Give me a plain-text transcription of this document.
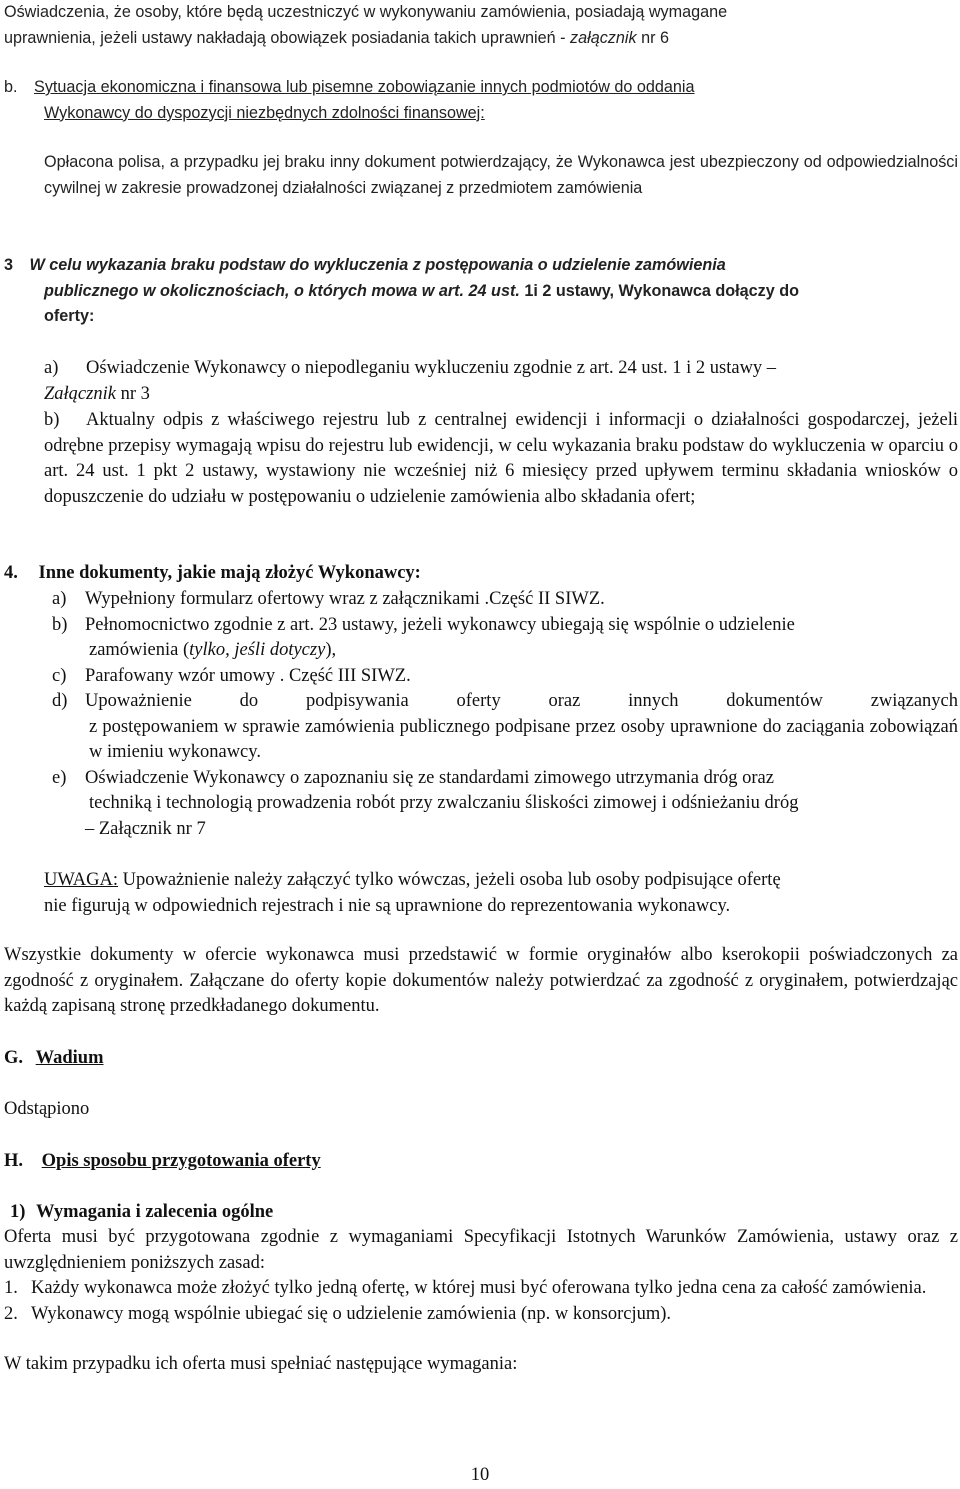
Oświadczenia, że osoby, które będą uczestniczyć w wykonywaniu zamówienia, posiadają wymagane
uprawnienia, jeżeli ustawy nakładają obowiązek posiadania takich uprawnień - załącznik nr 6
b. Sytuacja ekonomiczna i finansowa lub pisemne zobowiązanie innych podmiotów do oddania
Wykonawcy do dyspozycji niezbędnych zdolności finansowej:
Opłacona polisa, a przypadku jej braku inny dokument potwierdzający, że Wykonawca jest ubezpieczony od odpowiedzialności cywilnej w zakresie prowadzonej działalności związanej z przedmiotem zamówienia
3 W celu wykazania braku podstaw do wykluczenia z postępowania o udzielenie zamówienia
publicznego w okolicznościach, o których mowa w art. 24 ust. 1i 2 ustawy, Wykonawca dołączy do
oferty:
a) Oświadczenie Wykonawcy o niepodleganiu wykluczeniu zgodnie z art. 24 ust. 1 i 2 ustawy –
Załącznik nr 3
b) Aktualny odpis z właściwego rejestru lub z centralnej ewidencji i informacji o działalności gospodarczej, jeżeli odrębne przepisy wymagają wpisu do rejestru lub ewidencji, w celu wykazania braku podstaw do wykluczenia w oparciu o art. 24 ust. 1 pkt 2 ustawy, wystawiony nie wcześniej niż 6 miesięcy przed upływem terminu składania wniosków o dopuszczenie do udziału w postępowaniu o udzielenie zamówienia albo składania ofert;
4. Inne dokumenty, jakie mają złożyć Wykonawcy:
a) Wypełniony formularz ofertowy wraz z załącznikami .Część II SIWZ.
b) Pełnomocnictwo zgodnie z art. 23 ustawy, jeżeli wykonawcy ubiegają się wspólnie o udzielenie
zamówienia (tylko, jeśli dotyczy),
c) Parafowany wzór umowy . Część III SIWZ.
d) Upoważnienie do podpisywania oferty oraz innych dokumentów związanych
z postępowaniem w sprawie zamówienia publicznego podpisane przez osoby uprawnione do zaciągania zobowiązań w imieniu wykonawcy.
e) Oświadczenie Wykonawcy o zapoznaniu się ze standardami zimowego utrzymania dróg oraz
techniką i technologią prowadzenia robót przy zwalczaniu śliskości zimowej i odśnieżaniu dróg
– Załącznik nr 7
UWAGA: Upoważnienie należy załączyć tylko wówczas, jeżeli osoba lub osoby podpisujące ofertę
nie figurują w odpowiednich rejestrach i nie są uprawnione do reprezentowania wykonawcy.
Wszystkie dokumenty w ofercie wykonawca musi przedstawić w formie oryginałów albo kserokopii poświadczonych za zgodność z oryginałem. Załączane do oferty kopie dokumentów należy potwierdzać za zgodność z oryginałem, potwierdzając każdą zapisaną stronę przedkładanego dokumentu.
G. Wadium
Odstąpiono
H. Opis sposobu przygotowania oferty
1) Wymagania i zalecenia ogólne
Oferta musi być przygotowana zgodnie z wymaganiami Specyfikacji Istotnych Warunków Zamówienia, ustawy oraz z uwzględnieniem poniższych zasad:
1. Każdy wykonawca może złożyć tylko jedną ofertę, w której musi być oferowana tylko jedna cena za całość zamówienia.
2. Wykonawcy mogą wspólnie ubiegać się o udzielenie zamówienia (np. w konsorcjum).
W takim przypadku ich oferta musi spełniać następujące wymagania:
10
